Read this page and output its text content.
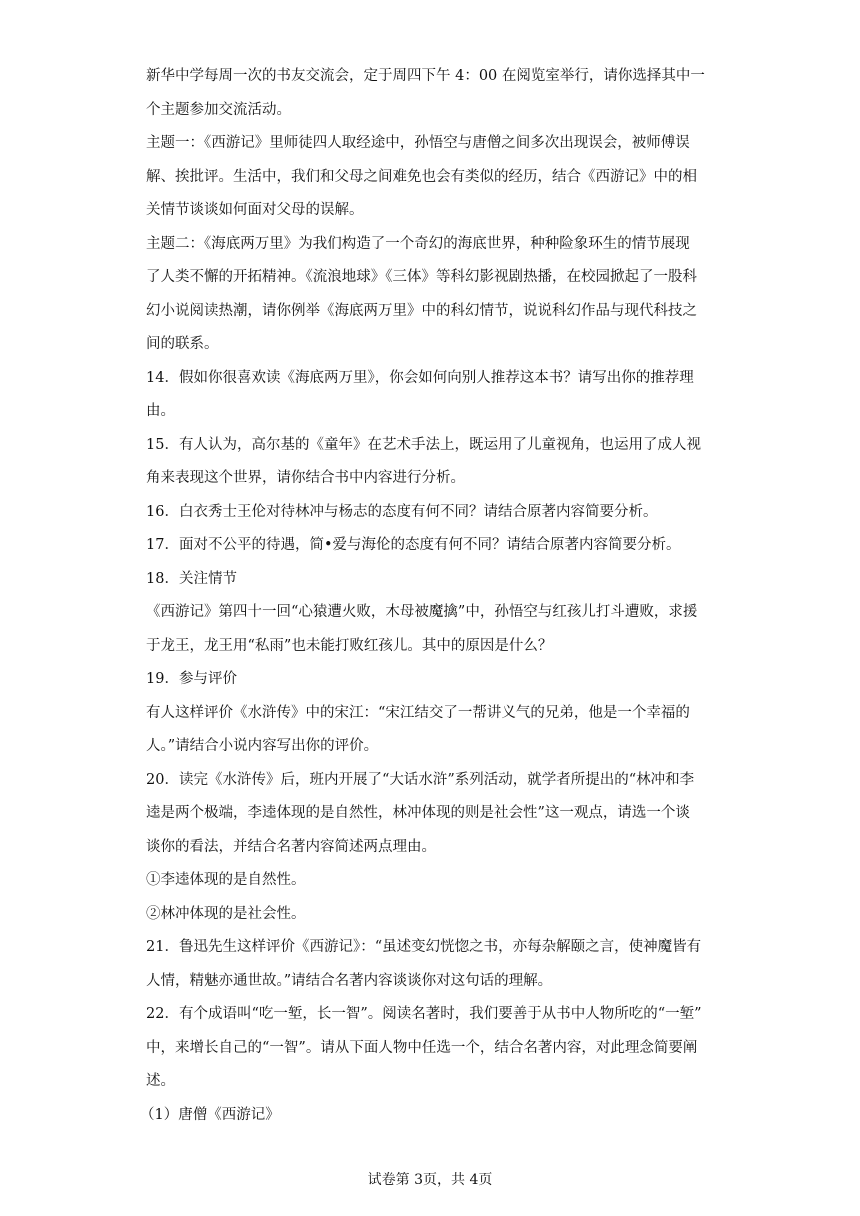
新华中学每周一次的书友交流会，定于周四下午 4：00 在阅览室举行，请你选择其中一
个主题参加交流活动。
主题一：《西游记》里师徒四人取经途中，孙悟空与唐僧之间多次出现误会，被师傅误
解、挨批评。生活中，我们和父母之间难免也会有类似的经历，结合《西游记》中的相
关情节谈谈如何面对父母的误解。
主题二：《海底两万里》为我们构造了一个奇幻的海底世界，种种险象环生的情节展现
了人类不懈的开拓精神。《流浪地球》《三体》等科幻影视剧热播，在校园掀起了一股科
幻小说阅读热潮，请你例举《海底两万里》中的科幻情节，说说科幻作品与现代科技之
间的联系。
14．假如你很喜欢读《海底两万里》，你会如何向别人推荐这本书？请写出你的推荐理
由。
15．有人认为，高尔基的《童年》在艺术手法上，既运用了儿童视角，也运用了成人视
角来表现这个世界，请你结合书中内容进行分析。
16．白衣秀士王伦对待林冲与杨志的态度有何不同？请结合原著内容简要分析。
17．面对不公平的待遇，简•爱与海伦的态度有何不同？请结合原著内容简要分析。
18．关注情节
《西游记》第四十一回“心猿遭火败，木母被魔擒”中，孙悟空与红孩儿打斗遭败，求援
于龙王，龙王用“私雨”也未能打败红孩儿。其中的原因是什么？
19．参与评价
有人这样评价《水浒传》中的宋江：“宋江结交了一帮讲义气的兄弟，他是一个幸福的
人。”请结合小说内容写出你的评价。
20．读完《水浒传》后，班内开展了“大话水浒”系列活动，就学者所提出的“林冲和李
逵是两个极端，李逵体现的是自然性，林冲体现的则是社会性”这一观点，请选一个谈
谈你的看法，并结合名著内容简述两点理由。
①李逵体现的是自然性。
②林冲体现的是社会性。
21．鲁迅先生这样评价《西游记》：“虽述变幻恍惚之书，亦每杂解颐之言，使神魔皆有
人情，精魅亦通世故。”请结合名著内容谈谈你对这句话的理解。
22．有个成语叫“吃一堑，长一智”。阅读名著时，我们要善于从书中人物所吃的“一堑”
中，来增长自己的“一智”。请从下面人物中任选一个，结合名著内容，对此理念简要阐
述。
（1）唐僧《西游记》
试卷第 3页，共 4页
